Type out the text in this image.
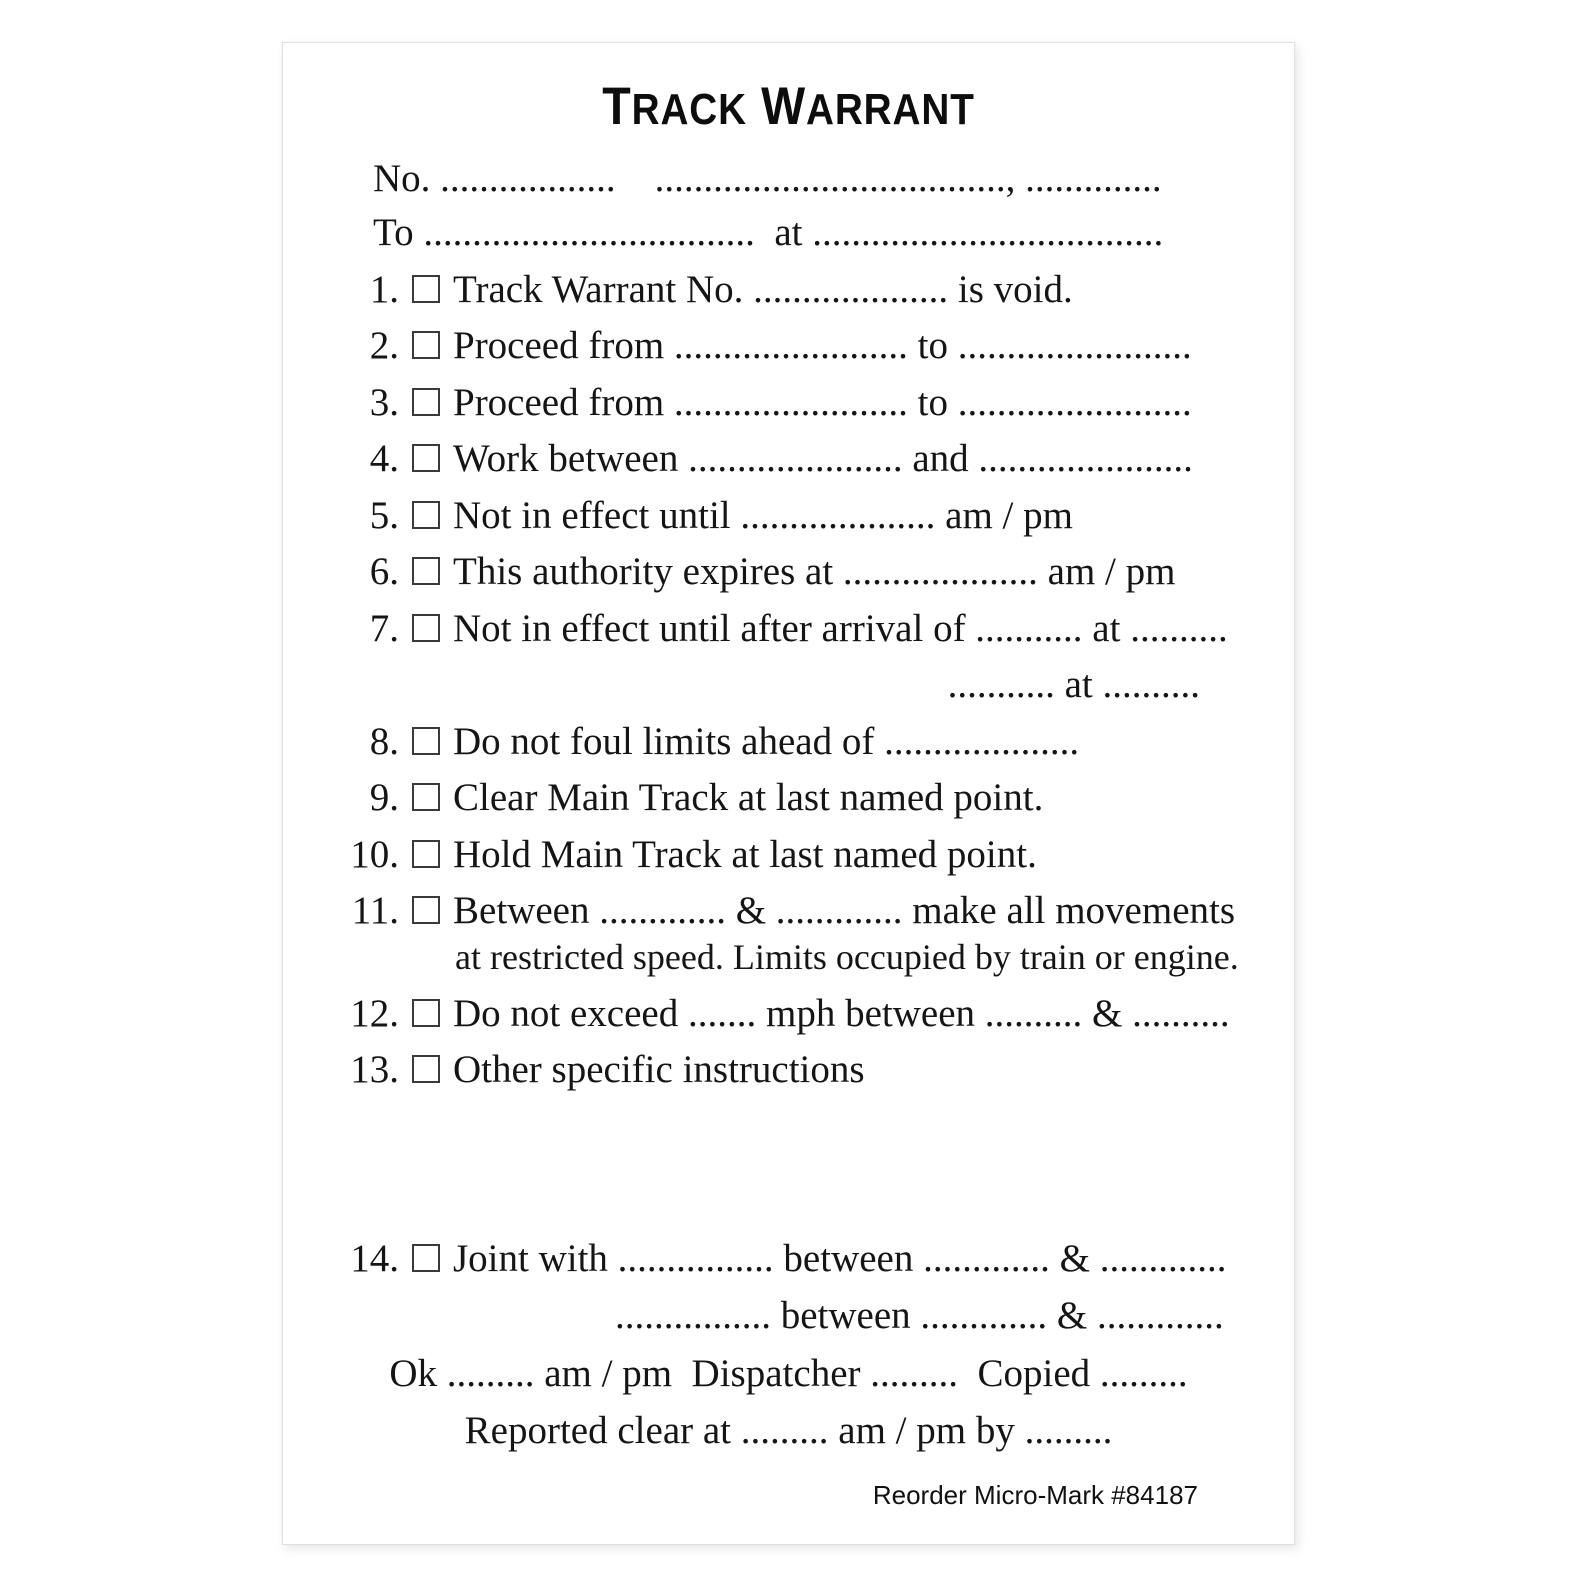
TRACK WARRANT
No. ..................    ...................................., ..............
To ..................................  at ....................................
1. Track Warrant No. .................... is void.
2. Proceed from ........................ to ........................
3. Proceed from ........................ to ........................
4. Work between ...................... and ......................
5. Not in effect until .................... am / pm
6. This authority expires at .................... am / pm
7. Not in effect until after arrival of ........... at ..........
........... at ..........
8. Do not foul limits ahead of ....................
9. Clear Main Track at last named point.
10. Hold Main Track at last named point.
11. Between ............. & ............. make all movements
at restricted speed. Limits occupied by train or engine.
12. Do not exceed ....... mph between .......... & ..........
13. Other specific instructions
14. Joint with ................ between ............. & .............
................ between ............. & .............
Ok ......... am / pm  Dispatcher .........  Copied .........
Reported clear at ......... am / pm by .........
Reorder Micro-Mark #84187
